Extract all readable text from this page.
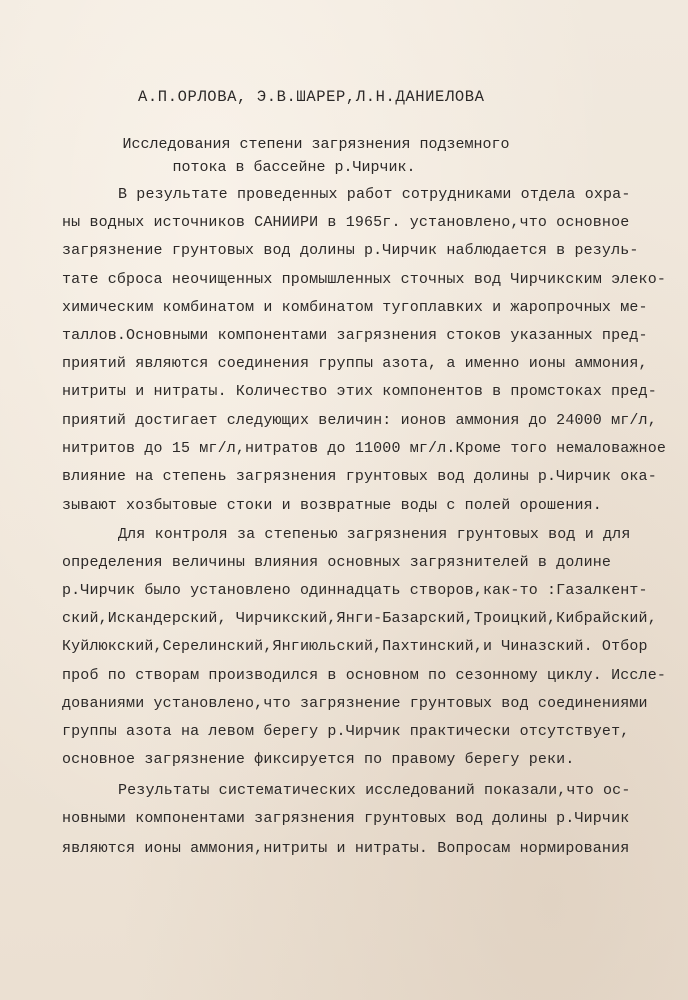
А.П.ОРЛОВА, Э.В.ШАРЕР,Л.Н.ДАНИЕЛОВА
Исследования степени загрязнения подземного
потока в бассейне р.Чирчик.
В результате проведенных работ сотрудниками отдела охра-
ны водных источников САНИИРИ в 1965г. установлено,что основное
загрязнение грунтовых вод долины р.Чирчик наблюдается в резуль-
тате сброса неочищенных промышленных сточных вод Чирчикским элеко-
химическим комбинатом и комбинатом тугоплавких и жаропрочных ме-
таллов.Основными компонентами загрязнения стоков указанных пред-
приятий являются соединения группы азота, а именно ионы аммония,
нитриты и нитраты. Количество этих компонентов в промстоках пред-
приятий достигает следующих величин: ионов аммония до 24000 мг/л,
нитритов до 15 мг/л,нитратов до 11000 мг/л.Кроме того немаловажное
влияние на степень загрязнения грунтовых вод долины р.Чирчик ока-
зывают хозбытовые стоки и возвратные воды с полей орошения.
Для контроля за степенью загрязнения грунтовых вод и для
определения величины влияния основных загрязнителей в долине
р.Чирчик было установлено одиннадцать створов,как-то :Газалкент-
ский,Искандерский, Чирчикский,Янги-Базарский,Троицкий,Кибрайский,
Куйлюкский,Серелинский,Янгиюльский,Пахтинский,и Чиназский. Отбор
проб по створам производился в основном по сезонному циклу. Иссле-
дованиями установлено,что загрязнение грунтовых вод соединениями
группы азота на левом берегу р.Чирчик практически отсутствует,
основное загрязнение фиксируется по правому берегу реки.
Результаты систематических исследований показали,что ос-
новными компонентами загрязнения грунтовых вод долины р.Чирчик
являются ионы аммония,нитриты и нитраты. Вопросам нормирования
